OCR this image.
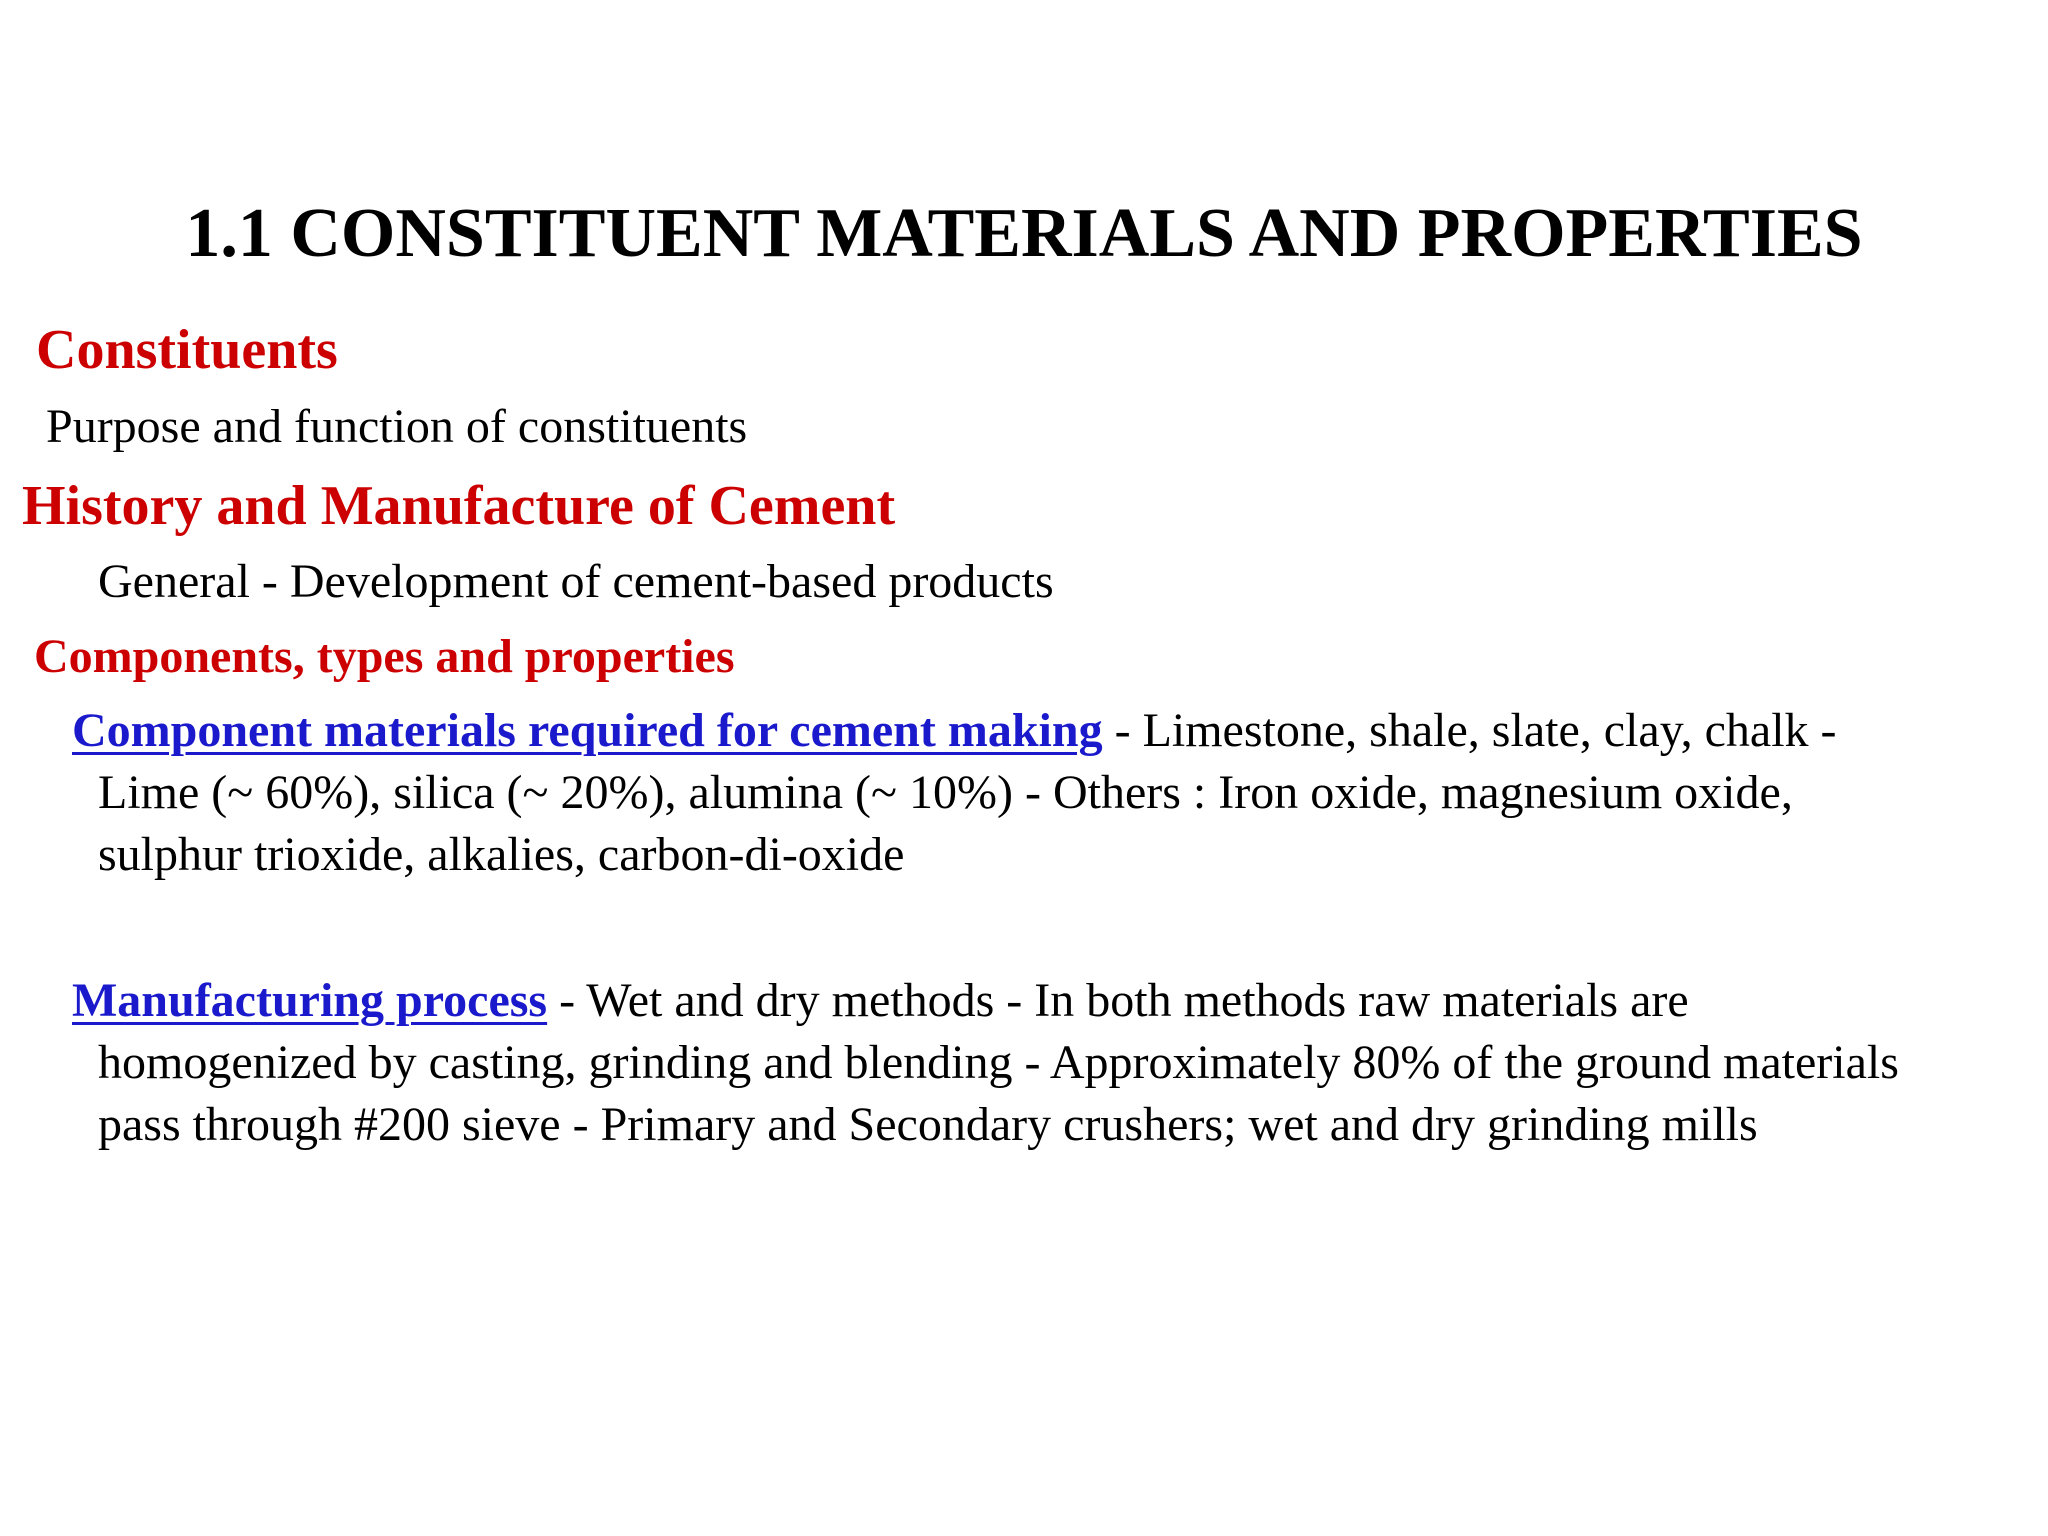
1.1 CONSTITUENT MATERIALS AND PROPERTIES
Constituents
Purpose and function of constituents
History and Manufacture of Cement
General - Development of cement-based products
Components, types and properties
Component materials required for cement making - Limestone, shale, slate, clay, chalk -
Lime (~ 60%), silica (~ 20%), alumina (~ 10%) - Others : Iron oxide, magnesium oxide,
sulphur trioxide, alkalies, carbon-di-oxide
Manufacturing process - Wet and dry methods - In both methods raw materials are
homogenized by casting, grinding and blending - Approximately 80% of the ground materials
pass through #200 sieve - Primary and Secondary crushers; wet and dry grinding mills
